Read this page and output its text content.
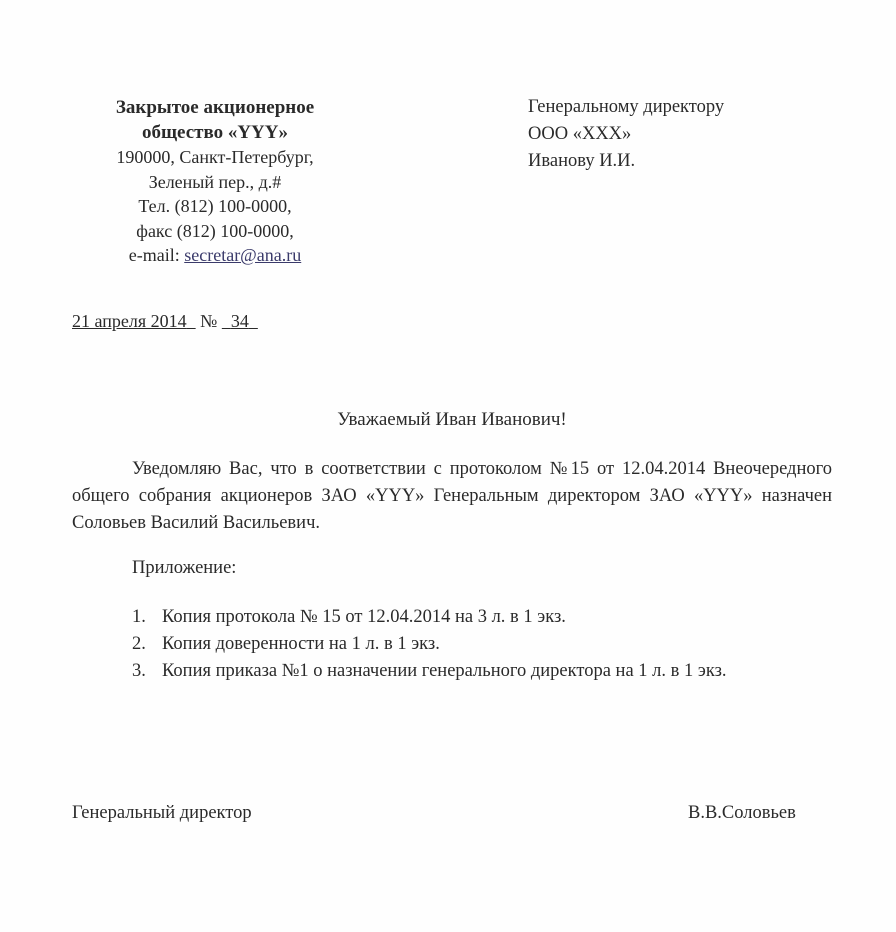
Закрытое акционерное
общество «YYY»
190000, Санкт-Петербург,
Зеленый пер., д.#
Тел. (812) 100-0000,
факс (812) 100-0000,
e-mail: secretar@ana.ru
Генеральному директору
ООО «XXX»
Иванову И.И.
21 апреля 2014 № 34
Уважаемый Иван Иванович!
Уведомляю Вас, что в соответствии с протоколом №15 от 12.04.2014 Внеочередного общего собрания акционеров ЗАО «YYY» Генеральным директором ЗАО «YYY» назначен Соловьев Василий Васильевич.
Приложение:
1. Копия протокола № 15 от 12.04.2014 на 3 л. в 1 экз.
2. Копия доверенности на 1 л. в 1 экз.
3. Копия приказа №1 о назначении генерального директора на 1 л. в 1 экз.
Генеральный директор	В.В.Соловьев
